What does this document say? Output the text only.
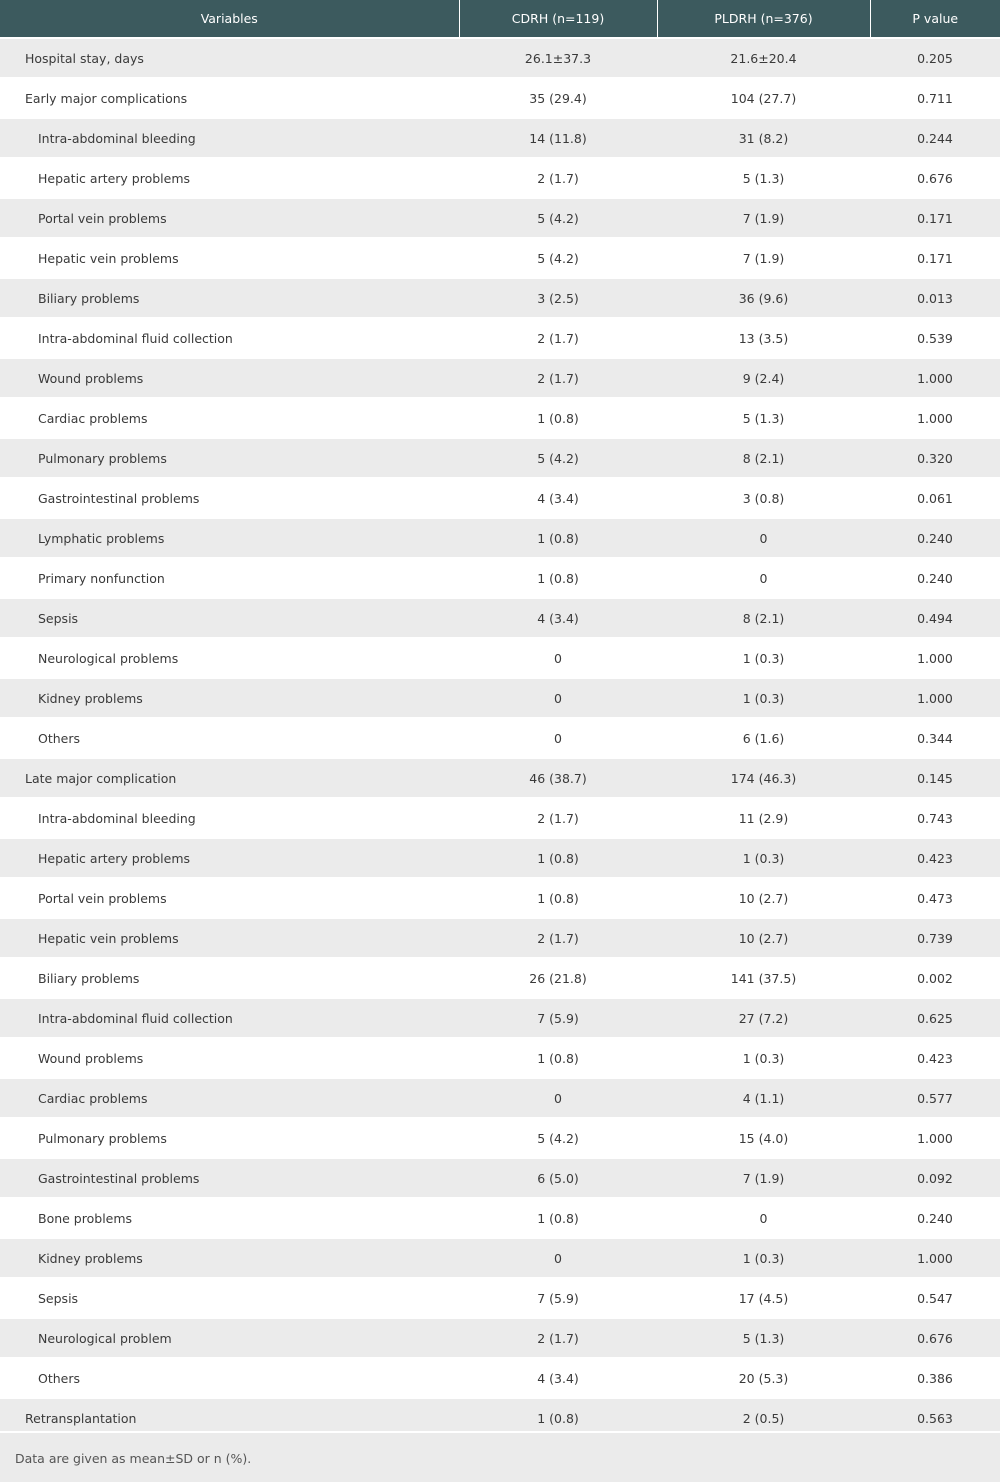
Variables	CDRH (n=119)	PLDRH (n=376)	P value
Hospital stay, days	26.1±37.3	21.6±20.4	0.205
Early major complications	35 (29.4)	104 (27.7)	0.711
Intra-abdominal bleeding	14 (11.8)	31 (8.2)	0.244
Hepatic artery problems	2 (1.7)	5 (1.3)	0.676
Portal vein problems	5 (4.2)	7 (1.9)	0.171
Hepatic vein problems	5 (4.2)	7 (1.9)	0.171
Biliary problems	3 (2.5)	36 (9.6)	0.013
Intra-abdominal fluid collection	2 (1.7)	13 (3.5)	0.539
Wound problems	2 (1.7)	9 (2.4)	1.000
Cardiac problems	1 (0.8)	5 (1.3)	1.000
Pulmonary problems	5 (4.2)	8 (2.1)	0.320
Gastrointestinal problems	4 (3.4)	3 (0.8)	0.061
Lymphatic problems	1 (0.8)	0	0.240
Primary nonfunction	1 (0.8)	0	0.240
Sepsis	4 (3.4)	8 (2.1)	0.494
Neurological problems	0	1 (0.3)	1.000
Kidney problems	0	1 (0.3)	1.000
Others	0	6 (1.6)	0.344
Late major complication	46 (38.7)	174 (46.3)	0.145
Intra-abdominal bleeding	2 (1.7)	11 (2.9)	0.743
Hepatic artery problems	1 (0.8)	1 (0.3)	0.423
Portal vein problems	1 (0.8)	10 (2.7)	0.473
Hepatic vein problems	2 (1.7)	10 (2.7)	0.739
Biliary problems	26 (21.8)	141 (37.5)	0.002
Intra-abdominal fluid collection	7 (5.9)	27 (7.2)	0.625
Wound problems	1 (0.8)	1 (0.3)	0.423
Cardiac problems	0	4 (1.1)	0.577
Pulmonary problems	5 (4.2)	15 (4.0)	1.000
Gastrointestinal problems	6 (5.0)	7 (1.9)	0.092
Bone problems	1 (0.8)	0	0.240
Kidney problems	0	1 (0.3)	1.000
Sepsis	7 (5.9)	17 (4.5)	0.547
Neurological problem	2 (1.7)	5 (1.3)	0.676
Others	4 (3.4)	20 (5.3)	0.386
Retransplantation	1 (0.8)	2 (0.5)	0.563
Data are given as mean±SD or n (%).
